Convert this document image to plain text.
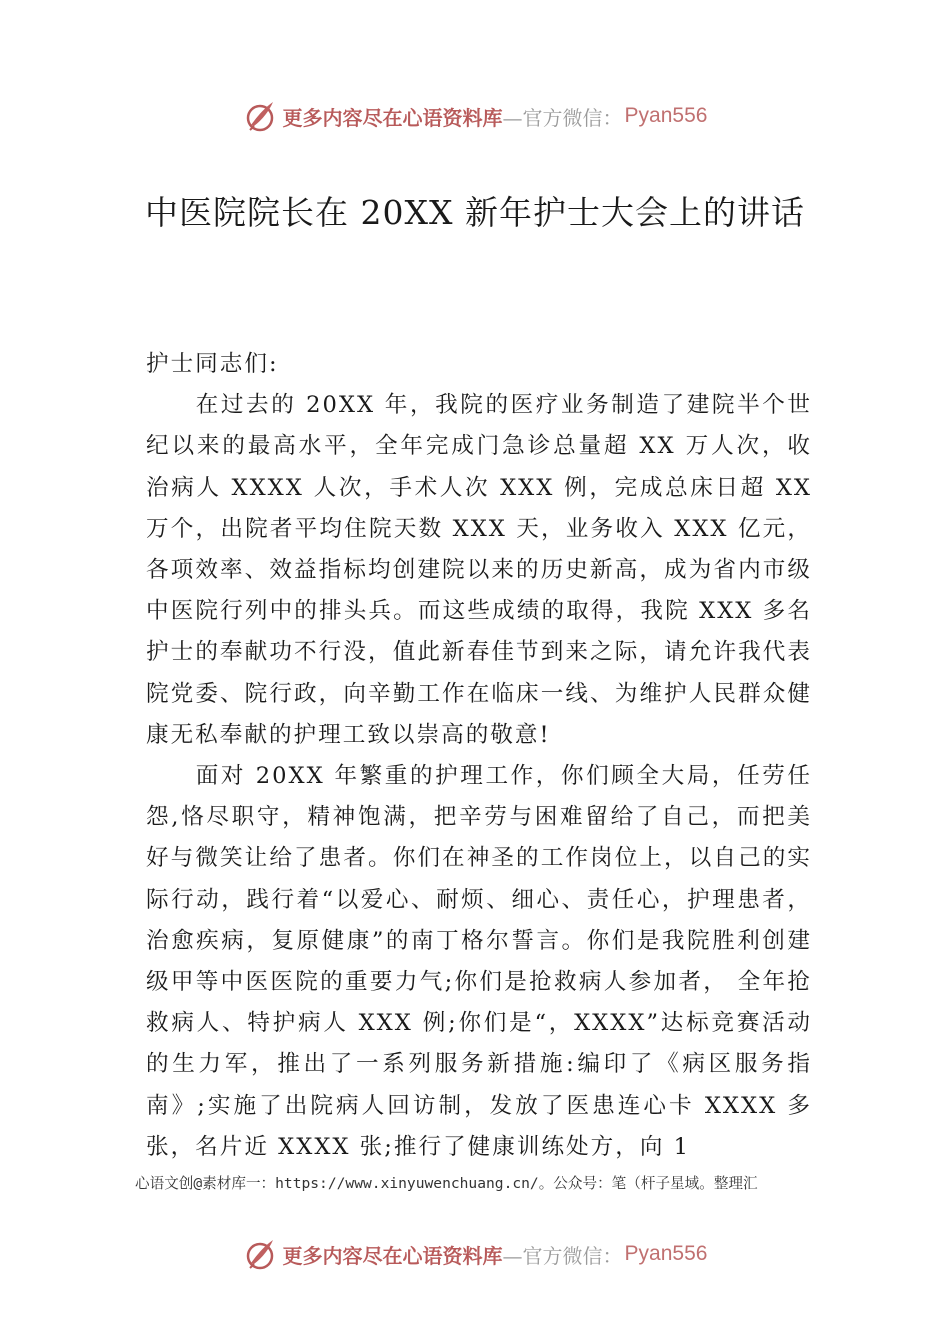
更多内容尽在心语资料库 —官方微信： Pyan556
中医院院长在 20XX 新年护士大会上的讲话

护士同志们:

在过去的 20XX 年，我院的医疗业务制造了建院半个世纪以来的最高水平，全年完成门急诊总量超 XX 万人次，收治病人 XXXX 人次，手术人次 XXX 例，完成总床日超 XX 万个，出院者平均住院天数 XXX 天，业务收入 XXX 亿元，各项效率、效益指标均创建院以来的历史新高，成为省内市级中医院行列中的排头兵。而这些成绩的取得，我院 XXX 多名护士的奉献功不行没，值此新春佳节到来之际，请允许我代表院党委、院行政，向辛勤工作在临床一线、为维护人民群众健康无私奉献的护理工致以崇高的敬意!

面对 20XX 年繁重的护理工作，你们顾全大局，任劳任怨,恪尽职守，精神饱满，把辛劳与困难留给了自己，而把美好与微笑让给了患者。你们在神圣的工作岗位上，以自己的实际行动，践行着“以爱心、耐烦、细心、责任心，护理患者，治愈疾病，复原健康”的南丁格尔誓言。你们是我院胜利创建级甲等中医医院的重要力气;你们是抢救病人参加者， 全年抢救病人、特护病人 XXX 例;你们是“，XXXX”达标竞赛活动的生力军，推出了一系列服务新措施:编印了《病区服务指南》;实施了出院病人回访制，发放了医患连心卡 XXXX 多张，名片近 XXXX 张;推行了健康训练处方，向 1

心语文创@素材库一：https://www.xinyuwenchuang.cn/。公众号：笔（杆子星域。整理汇
更多内容尽在心语资料库 —官方微信： Pyan556
